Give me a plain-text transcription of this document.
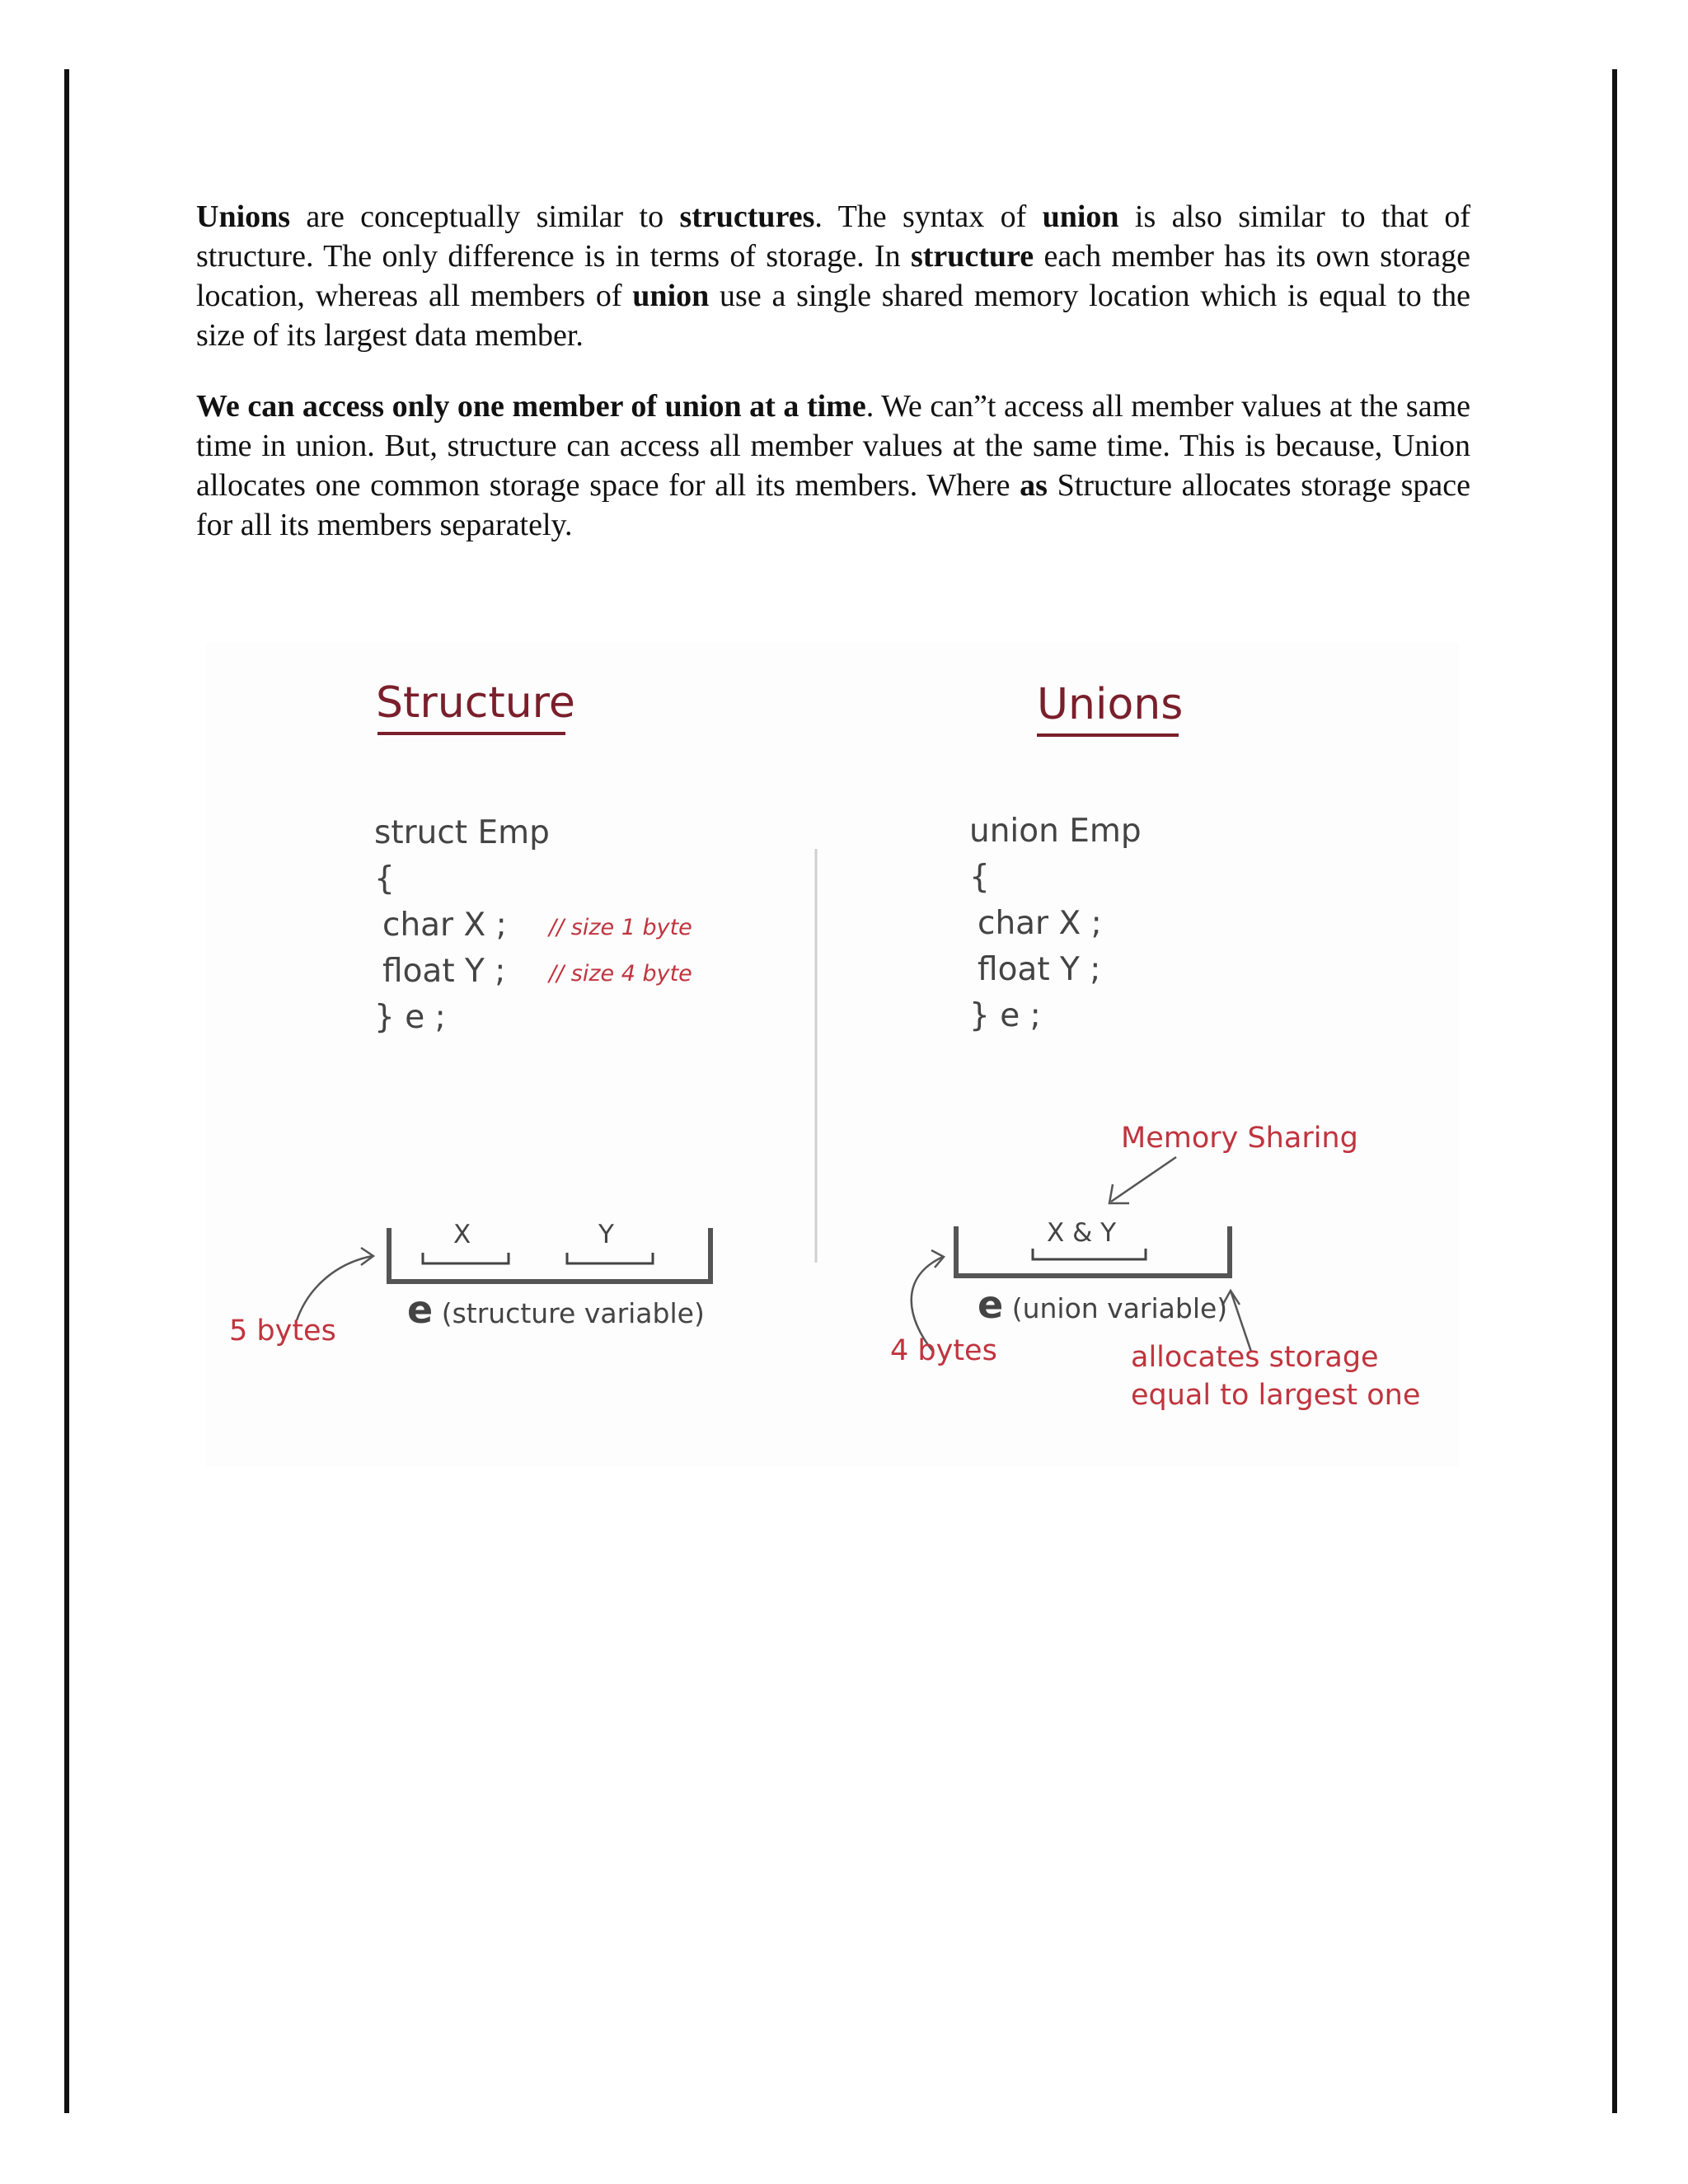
Unions are conceptually similar to structures. The syntax of union is also similar to that of structure. The only difference is in terms of storage. In structure each member has its own storage location, whereas all members of union use a single shared memory location which is equal to the size of its largest data member.
We can access only one member of union at a time. We can”t access all member values at the same time in union. But, structure can access all member values at the same time. This is because, Union allocates one common storage space for all its members. Where as Structure allocates storage space for all its members separately.
Structure	Unions
struct Emp
{
char X ;
float Y ;
} e ;
// size 1 byte
// size 4 byte
union Emp
{
char X ;
float Y ;
} e ;
X	Y
e (structure variable)
5 bytes
Memory Sharing
X & Y
e (union variable)
4 bytes	allocates storage
equal to largest one
